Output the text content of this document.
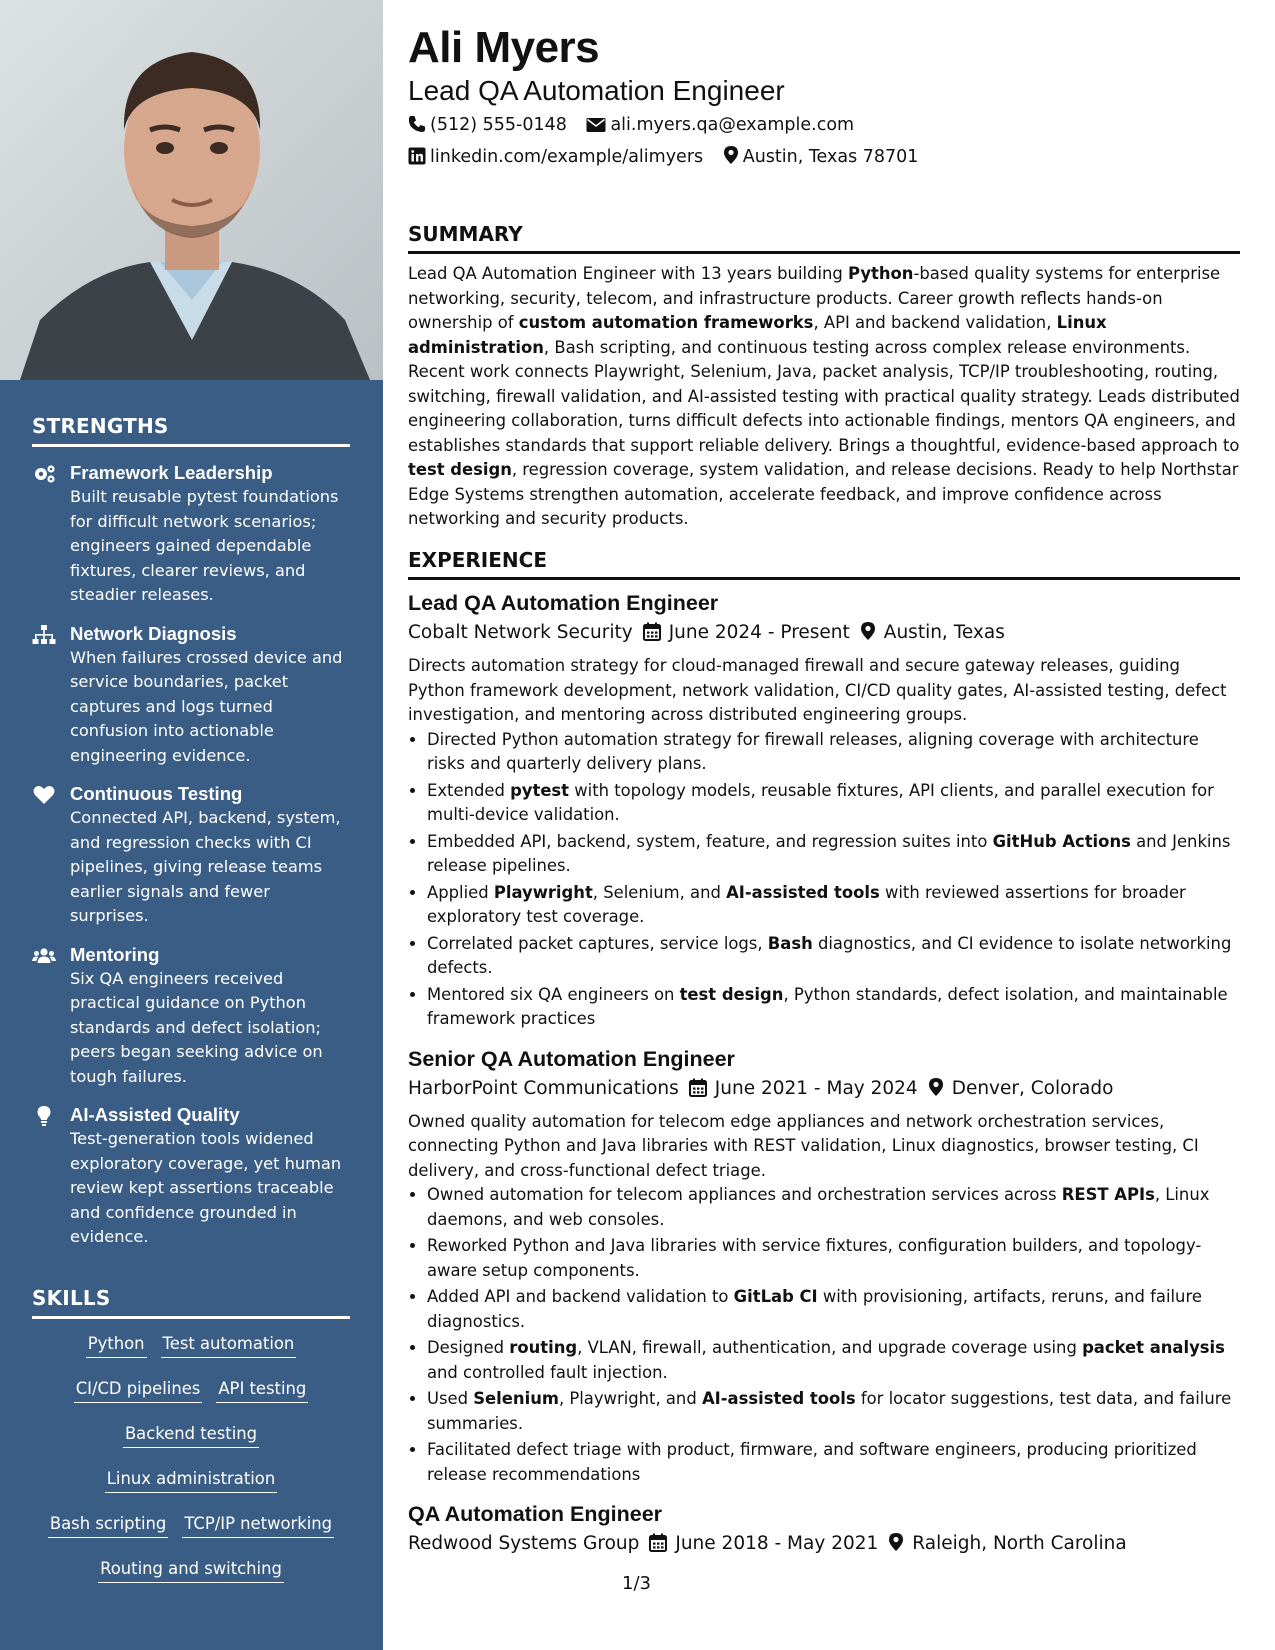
STRENGTHS
Framework Leadership
Built reusable pytest foundations for difficult network scenarios; engineers gained dependable fixtures, clearer reviews, and steadier releases.
Network Diagnosis
When failures crossed device and service boundaries, packet captures and logs turned confusion into actionable engineering evidence.
Continuous Testing
Connected API, backend, system, and regression checks with CI pipelines, giving release teams earlier signals and fewer surprises.
Mentoring
Six QA engineers received practical guidance on Python standards and defect isolation; peers began seeking advice on tough failures.
AI-Assisted Quality
Test-generation tools widened exploratory coverage, yet human review kept assertions traceable and confidence grounded in evidence.
SKILLS
Python Test automation
CI/CD pipelines API testing
Backend testing
Linux administration
Bash scripting TCP/IP networking
Routing and switching
Ali Myers
Lead QA Automation Engineer
(512) 555-0148 ali.myers.qa@example.com
linkedin.com/example/alimyers Austin, Texas 78701
SUMMARY
Lead QA Automation Engineer with 13 years building Python-based quality systems for enterprise networking, security, telecom, and infrastructure products. Career growth reflects hands-on ownership of custom automation frameworks, API and backend validation, Linux administration, Bash scripting, and continuous testing across complex release environments. Recent work connects Playwright, Selenium, Java, packet analysis, TCP/IP troubleshooting, routing, switching, firewall validation, and AI-assisted testing with practical quality strategy. Leads distributed engineering collaboration, turns difficult defects into actionable findings, mentors QA engineers, and establishes standards that support reliable delivery. Brings a thoughtful, evidence-based approach to test design, regression coverage, system validation, and release decisions. Ready to help Northstar Edge Systems strengthen automation, accelerate feedback, and improve confidence across networking and security products.
EXPERIENCE
Lead QA Automation Engineer
Cobalt Network Security June 2024 - Present Austin, Texas
Directs automation strategy for cloud-managed firewall and secure gateway releases, guiding Python framework development, network validation, CI/CD quality gates, AI-assisted testing, defect investigation, and mentoring across distributed engineering groups.
• Directed Python automation strategy for firewall releases, aligning coverage with architecture risks and quarterly delivery plans.
• Extended pytest with topology models, reusable fixtures, API clients, and parallel execution for multi-device validation.
• Embedded API, backend, system, feature, and regression suites into GitHub Actions and Jenkins release pipelines.
• Applied Playwright, Selenium, and AI-assisted tools with reviewed assertions for broader exploratory test coverage.
• Correlated packet captures, service logs, Bash diagnostics, and CI evidence to isolate networking defects.
• Mentored six QA engineers on test design, Python standards, defect isolation, and maintainable framework practices
Senior QA Automation Engineer
HarborPoint Communications June 2021 - May 2024 Denver, Colorado
Owned quality automation for telecom edge appliances and network orchestration services, connecting Python and Java libraries with REST validation, Linux diagnostics, browser testing, CI delivery, and cross-functional defect triage.
• Owned automation for telecom appliances and orchestration services across REST APIs, Linux daemons, and web consoles.
• Reworked Python and Java libraries with service fixtures, configuration builders, and topology-aware setup components.
• Added API and backend validation to GitLab CI with provisioning, artifacts, reruns, and failure diagnostics.
• Designed routing, VLAN, firewall, authentication, and upgrade coverage using packet analysis and controlled fault injection.
• Used Selenium, Playwright, and AI-assisted tools for locator suggestions, test data, and failure summaries.
• Facilitated defect triage with product, firmware, and software engineers, producing prioritized release recommendations
QA Automation Engineer
Redwood Systems Group June 2018 - May 2021 Raleigh, North Carolina
1/3
